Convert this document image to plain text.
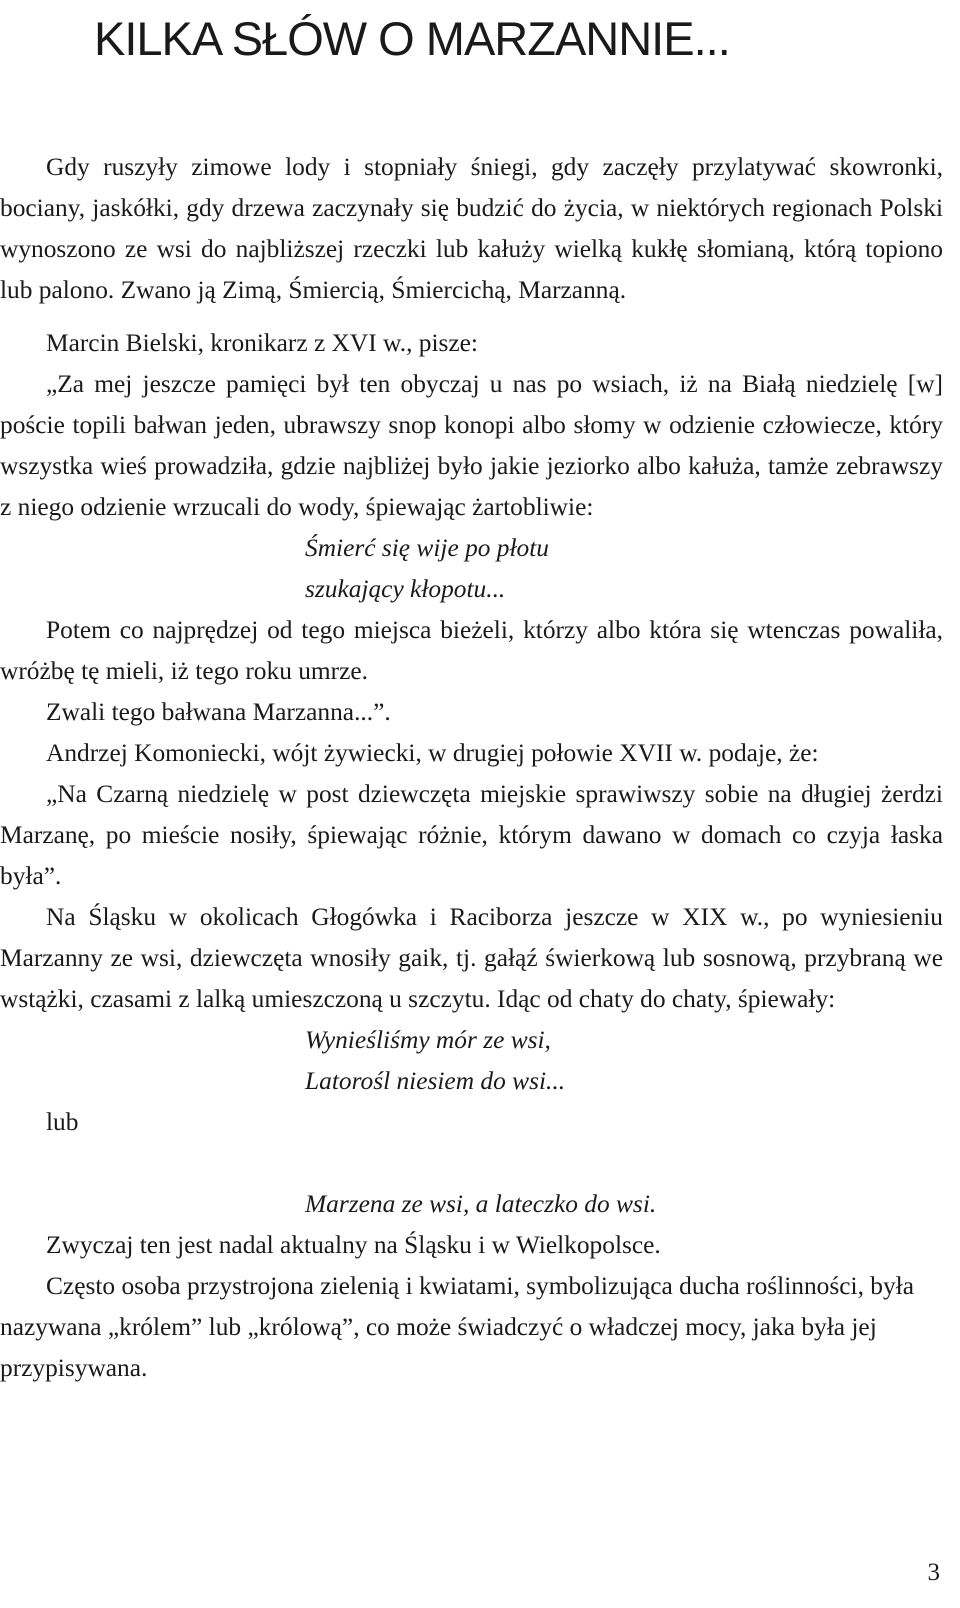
KILKA SŁÓW O MARZANNIE...

Gdy ruszyły zimowe lody i stopniały śniegi, gdy zaczęły przylatywać skowronki, bociany, jaskółki, gdy drzewa zaczynały się budzić do życia, w niektórych regionach Polski wynoszono ze wsi do najbliższej rzeczki lub kałuży wielką kukłę słomianą, którą topiono lub palono. Zwano ją Zimą, Śmiercią, Śmiercichą, Marzanną.

Marcin Bielski, kronikarz z XVI w., pisze:

„Za mej jeszcze pamięci był ten obyczaj u nas po wsiach, iż na Białą niedzielę [w] poście topili bałwan jeden, ubrawszy snop konopi albo słomy w odzienie człowiecze, który wszystka wieś prowadziła, gdzie najbliżej było jakie jeziorko albo kałuża, tamże zebrawszy z niego odzienie wrzucali do wody, śpiewając żartobliwie:

Śmierć się wije po płotu
szukający kłopotu...

Potem co najprędzej od tego miejsca bieżeli, którzy albo która się wtenczas powaliła, wróżbę tę mieli, iż tego roku umrze.

Zwali tego bałwana Marzanna...”.

Andrzej Komoniecki, wójt żywiecki, w drugiej połowie XVII w. podaje, że:

„Na Czarną niedzielę w post dziewczęta miejskie sprawiwszy sobie na długiej żerdzi Marzanę, po mieście nosiły, śpiewając różnie, którym dawano w domach co czyja łaska była”.

Na Śląsku w okolicach Głogówka i Raciborza jeszcze w XIX w., po wyniesieniu Marzanny ze wsi, dziewczęta wnosiły gaik, tj. gałąź świerkową lub sosnową, przybraną we wstążki, czasami z lalką umieszczoną u szczytu. Idąc od chaty do chaty, śpiewały:

Wynieśliśmy mór ze wsi,
Latorośl niesiem do wsi...
lub
Marzena ze wsi, a lateczko do wsi.

Zwyczaj ten jest nadal aktualny na Śląsku i w Wielkopolsce.

Często osoba przystrojona zielenią i kwiatami, symbolizująca ducha roślinności, była nazywana „królem” lub „królową”, co może świadczyć o władczej mocy, jaka była jej przypisywana.

3
